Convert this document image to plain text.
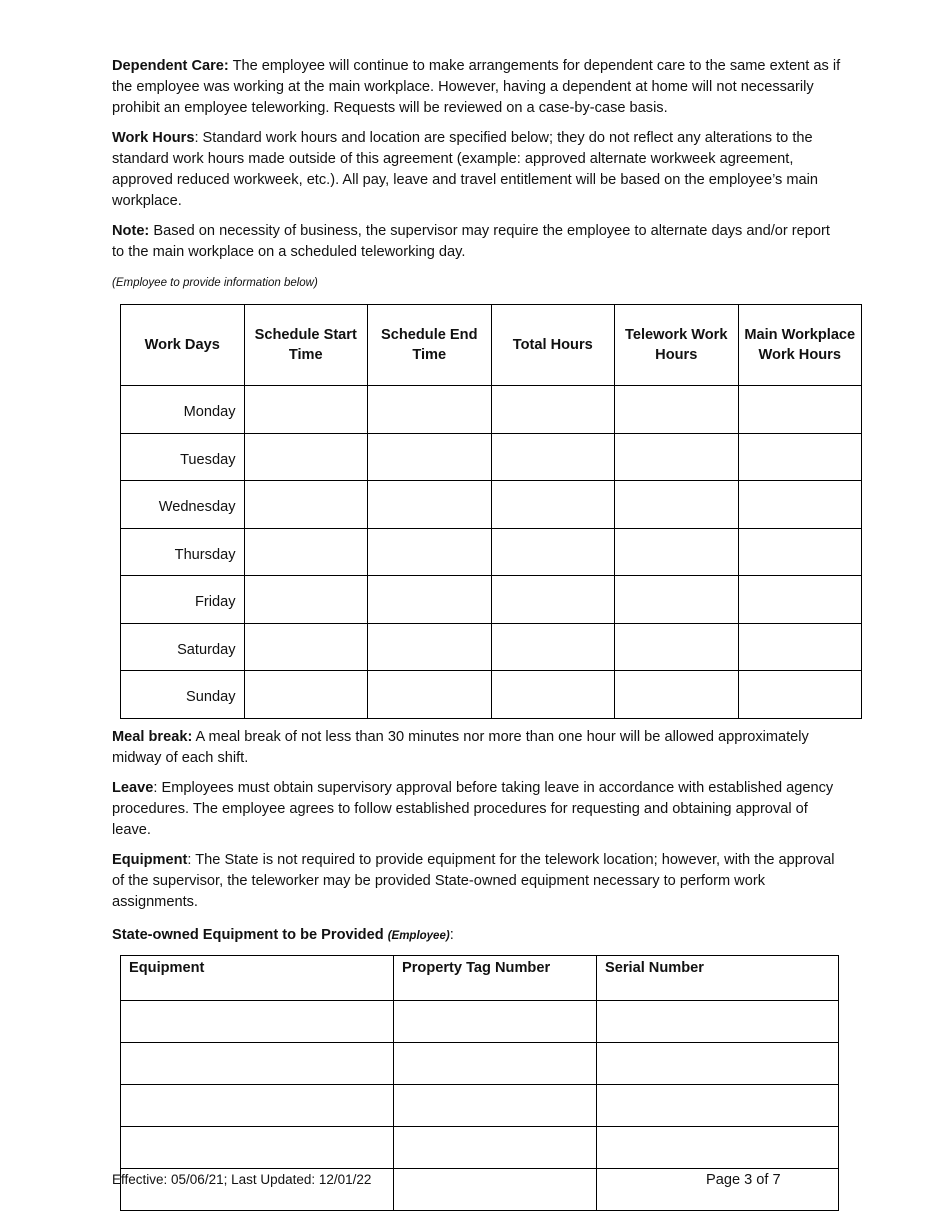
Dependent Care: The employee will continue to make arrangements for dependent care to the same extent as if the employee was working at the main workplace. However, having a dependent at home will not necessarily prohibit an employee teleworking. Requests will be reviewed on a case-by-case basis.

Work Hours: Standard work hours and location are specified below; they do not reflect any alterations to the standard work hours made outside of this agreement (example: approved alternate workweek agreement, approved reduced workweek, etc.). All pay, leave and travel entitlement will be based on the employee’s main workplace.

Note: Based on necessity of business, the supervisor may require the employee to alternate days and/or report to the main workplace on a scheduled teleworking day.

(Employee to provide information below)
Work Days	Schedule Start Time	Schedule End Time	Total Hours	Telework Work Hours	Main Workplace Work Hours
Monday					
Tuesday					
Wednesday					
Thursday					
Friday					
Saturday					
Sunday					

Meal break: A meal break of not less than 30 minutes nor more than one hour will be allowed approximately midway of each shift.

Leave: Employees must obtain supervisory approval before taking leave in accordance with established agency procedures. The employee agrees to follow established procedures for requesting and obtaining approval of leave.

Equipment: The State is not required to provide equipment for the telework location; however, with the approval of the supervisor, the teleworker may be provided State-owned equipment necessary to perform work assignments.

State-owned Equipment to be Provided (Employee):
Equipment	Property Tag Number	Serial Number

Effective: 05/06/21; Last Updated: 12/01/22	Page 3 of 7
